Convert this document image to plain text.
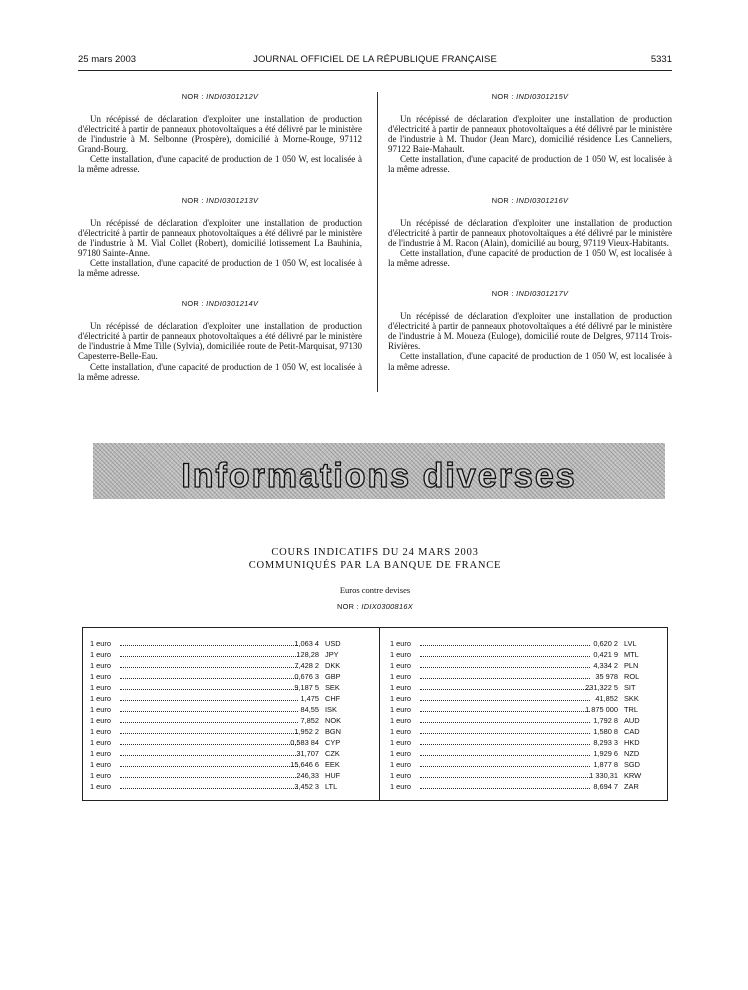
25 mars 2003	JOURNAL OFFICIEL DE LA RÉPUBLIQUE FRANÇAISE	5331

NOR : INDI0301212V

Un récépissé de déclaration d'exploiter une installation de production d'électricité à partir de panneaux photovoltaïques a été délivré par le ministère de l'industrie à M. Selbonne (Prospère), domicilié à Morne-Rouge, 97112 Grand-Bourg.

Cette installation, d'une capacité de production de 1 050 W, est localisée à la même adresse.

NOR : INDI0301213V

Un récépissé de déclaration d'exploiter une installation de production d'électricité à partir de panneaux photovoltaïques a été délivré par le ministère de l'industrie à M. Vial Collet (Robert), domicilié lotissement La Bauhinia, 97180 Sainte-Anne.

Cette installation, d'une capacité de production de 1 050 W, est localisée à la même adresse.

NOR : INDI0301214V

Un récépissé de déclaration d'exploiter une installation de production d'électricité à partir de panneaux photovoltaïques a été délivré par le ministère de l'industrie à Mme Tille (Sylvia), domiciliée route de Petit-Marquisat, 97130 Capesterre-Belle-Eau.

Cette installation, d'une capacité de production de 1 050 W, est localisée à la même adresse.

NOR : INDI0301215V

Un récépissé de déclaration d'exploiter une installation de production d'électricité à partir de panneaux photovoltaïques a été délivré par le ministère de l'industrie à M. Thudor (Jean Marc), domicilié résidence Les Canneliers, 97122 Baie-Mahault.

Cette installation, d'une capacité de production de 1 050 W, est localisée à la même adresse.

NOR : INDI0301216V

Un récépissé de déclaration d'exploiter une installation de production d'électricité à partir de panneaux photovoltaïques a été délivré par le ministère de l'industrie à M. Racon (Alain), domicilié au bourg, 97119 Vieux-Habitants.

Cette installation, d'une capacité de production de 1 050 W, est localisée à la même adresse.

NOR : INDI0301217V

Un récépissé de déclaration d'exploiter une installation de production d'électricité à partir de panneaux photovoltaïques a été délivré par le ministère de l'industrie à M. Moueza (Euloge), domicilié route de Delgres, 97114 Trois-Rivières.

Cette installation, d'une capacité de production de 1 050 W, est localisée à la même adresse.

Informations diverses
COURS INDICATIFS DU 24 MARS 2003
COMMUNIQUÉS PAR LA BANQUE DE FRANCE
Euros contre devises
NOR : IDIX0300816X
1 euro	1,063 4 USD
1 euro	128,28 JPY
1 euro	7,428 2 DKK
1 euro	0,676 3 GBP
1 euro	9,187 5 SEK
1 euro	1,475 CHF
1 euro	84,55 ISK
1 euro	7,852 NOK
1 euro	1,952 2 BGN
1 euro	0,583 84 CYP
1 euro	31,707 CZK
1 euro	15,646 6 EEK
1 euro	246,33 HUF
1 euro	3,452 3 LTL
1 euro	0,620 2 LVL
1 euro	0,421 9 MTL
1 euro	4,334 2 PLN
1 euro	35 978 ROL
1 euro	231,322 5 SIT
1 euro	41,852 SKK
1 euro	1 875 000 TRL
1 euro	1,792 8 AUD
1 euro	1,580 8 CAD
1 euro	8,293 3 HKD
1 euro	1,929 6 NZD
1 euro	1,877 8 SGD
1 euro	1 330,31 KRW
1 euro	8,694 7 ZAR
